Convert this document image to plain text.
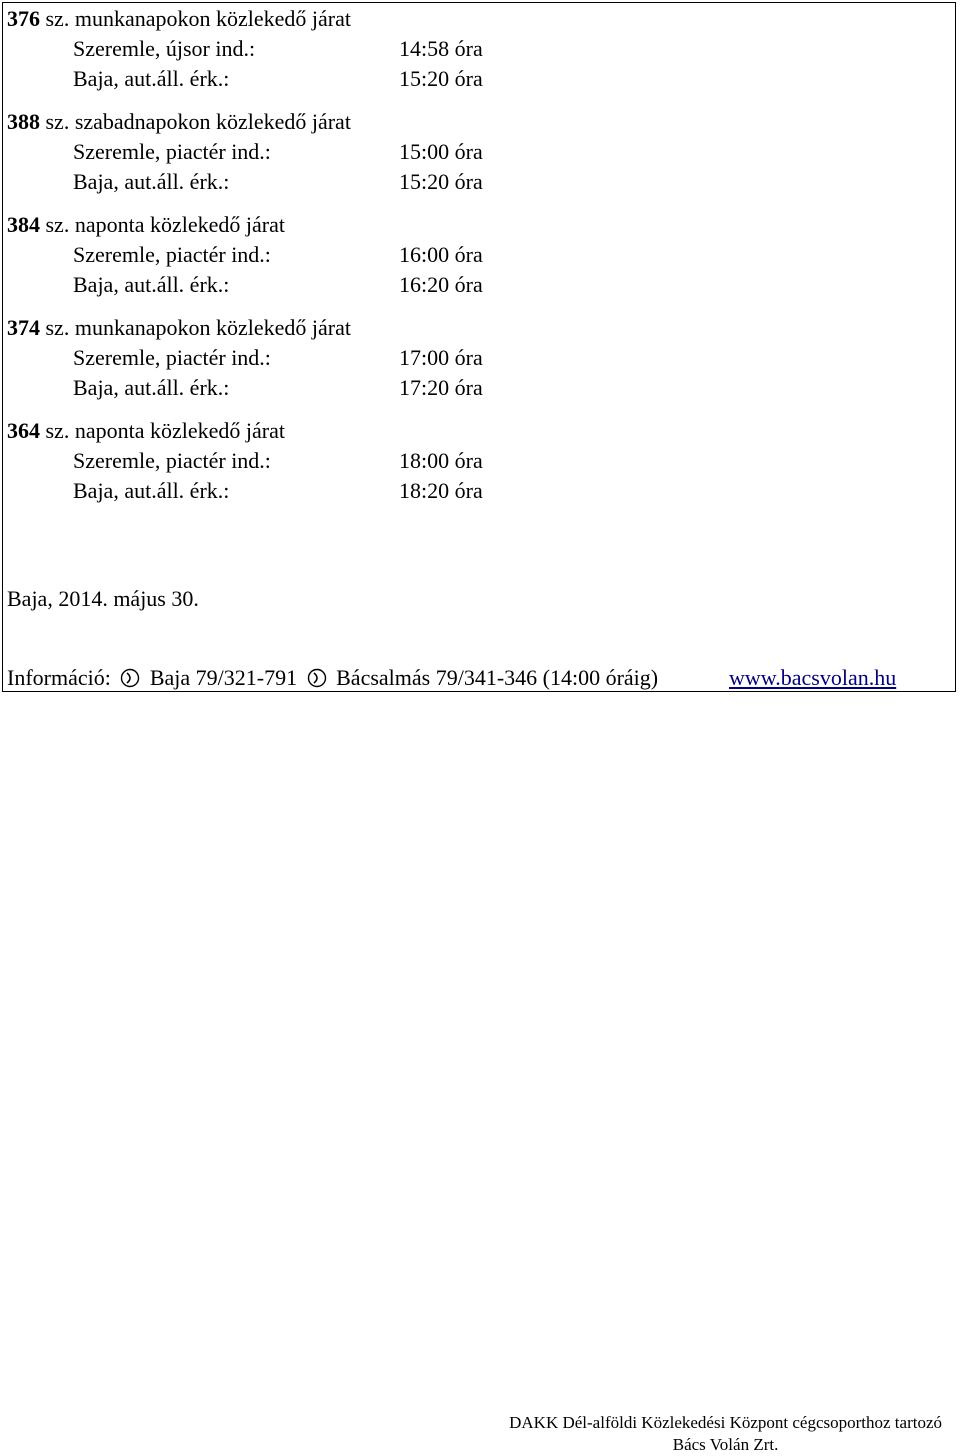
376 sz. munkanapokon közlekedő járat
Szeremle, újsor ind.:	14:58 óra
Baja, aut.áll. érk.:	15:20 óra
388 sz. szabadnapokon közlekedő járat
Szeremle, piactér ind.:	15:00 óra
Baja, aut.áll. érk.:	15:20 óra
384 sz. naponta közlekedő járat
Szeremle, piactér ind.:	16:00 óra
Baja, aut.áll. érk.:	16:20 óra
374 sz. munkanapokon közlekedő járat
Szeremle, piactér ind.:	17:00 óra
Baja, aut.áll. érk.:	17:20 óra
364 sz. naponta közlekedő járat
Szeremle, piactér ind.:	18:00 óra
Baja, aut.áll. érk.:	18:20 óra
Baja, 2014. május 30.
Információ: Baja 79/321-791 Bácsalmás 79/341-346 (14:00 óráig)	www.bacsvolan.hu
DAKK Dél-alföldi Közlekedési Központ cégcsoporthoz tartozó
Bács Volán Zrt.
